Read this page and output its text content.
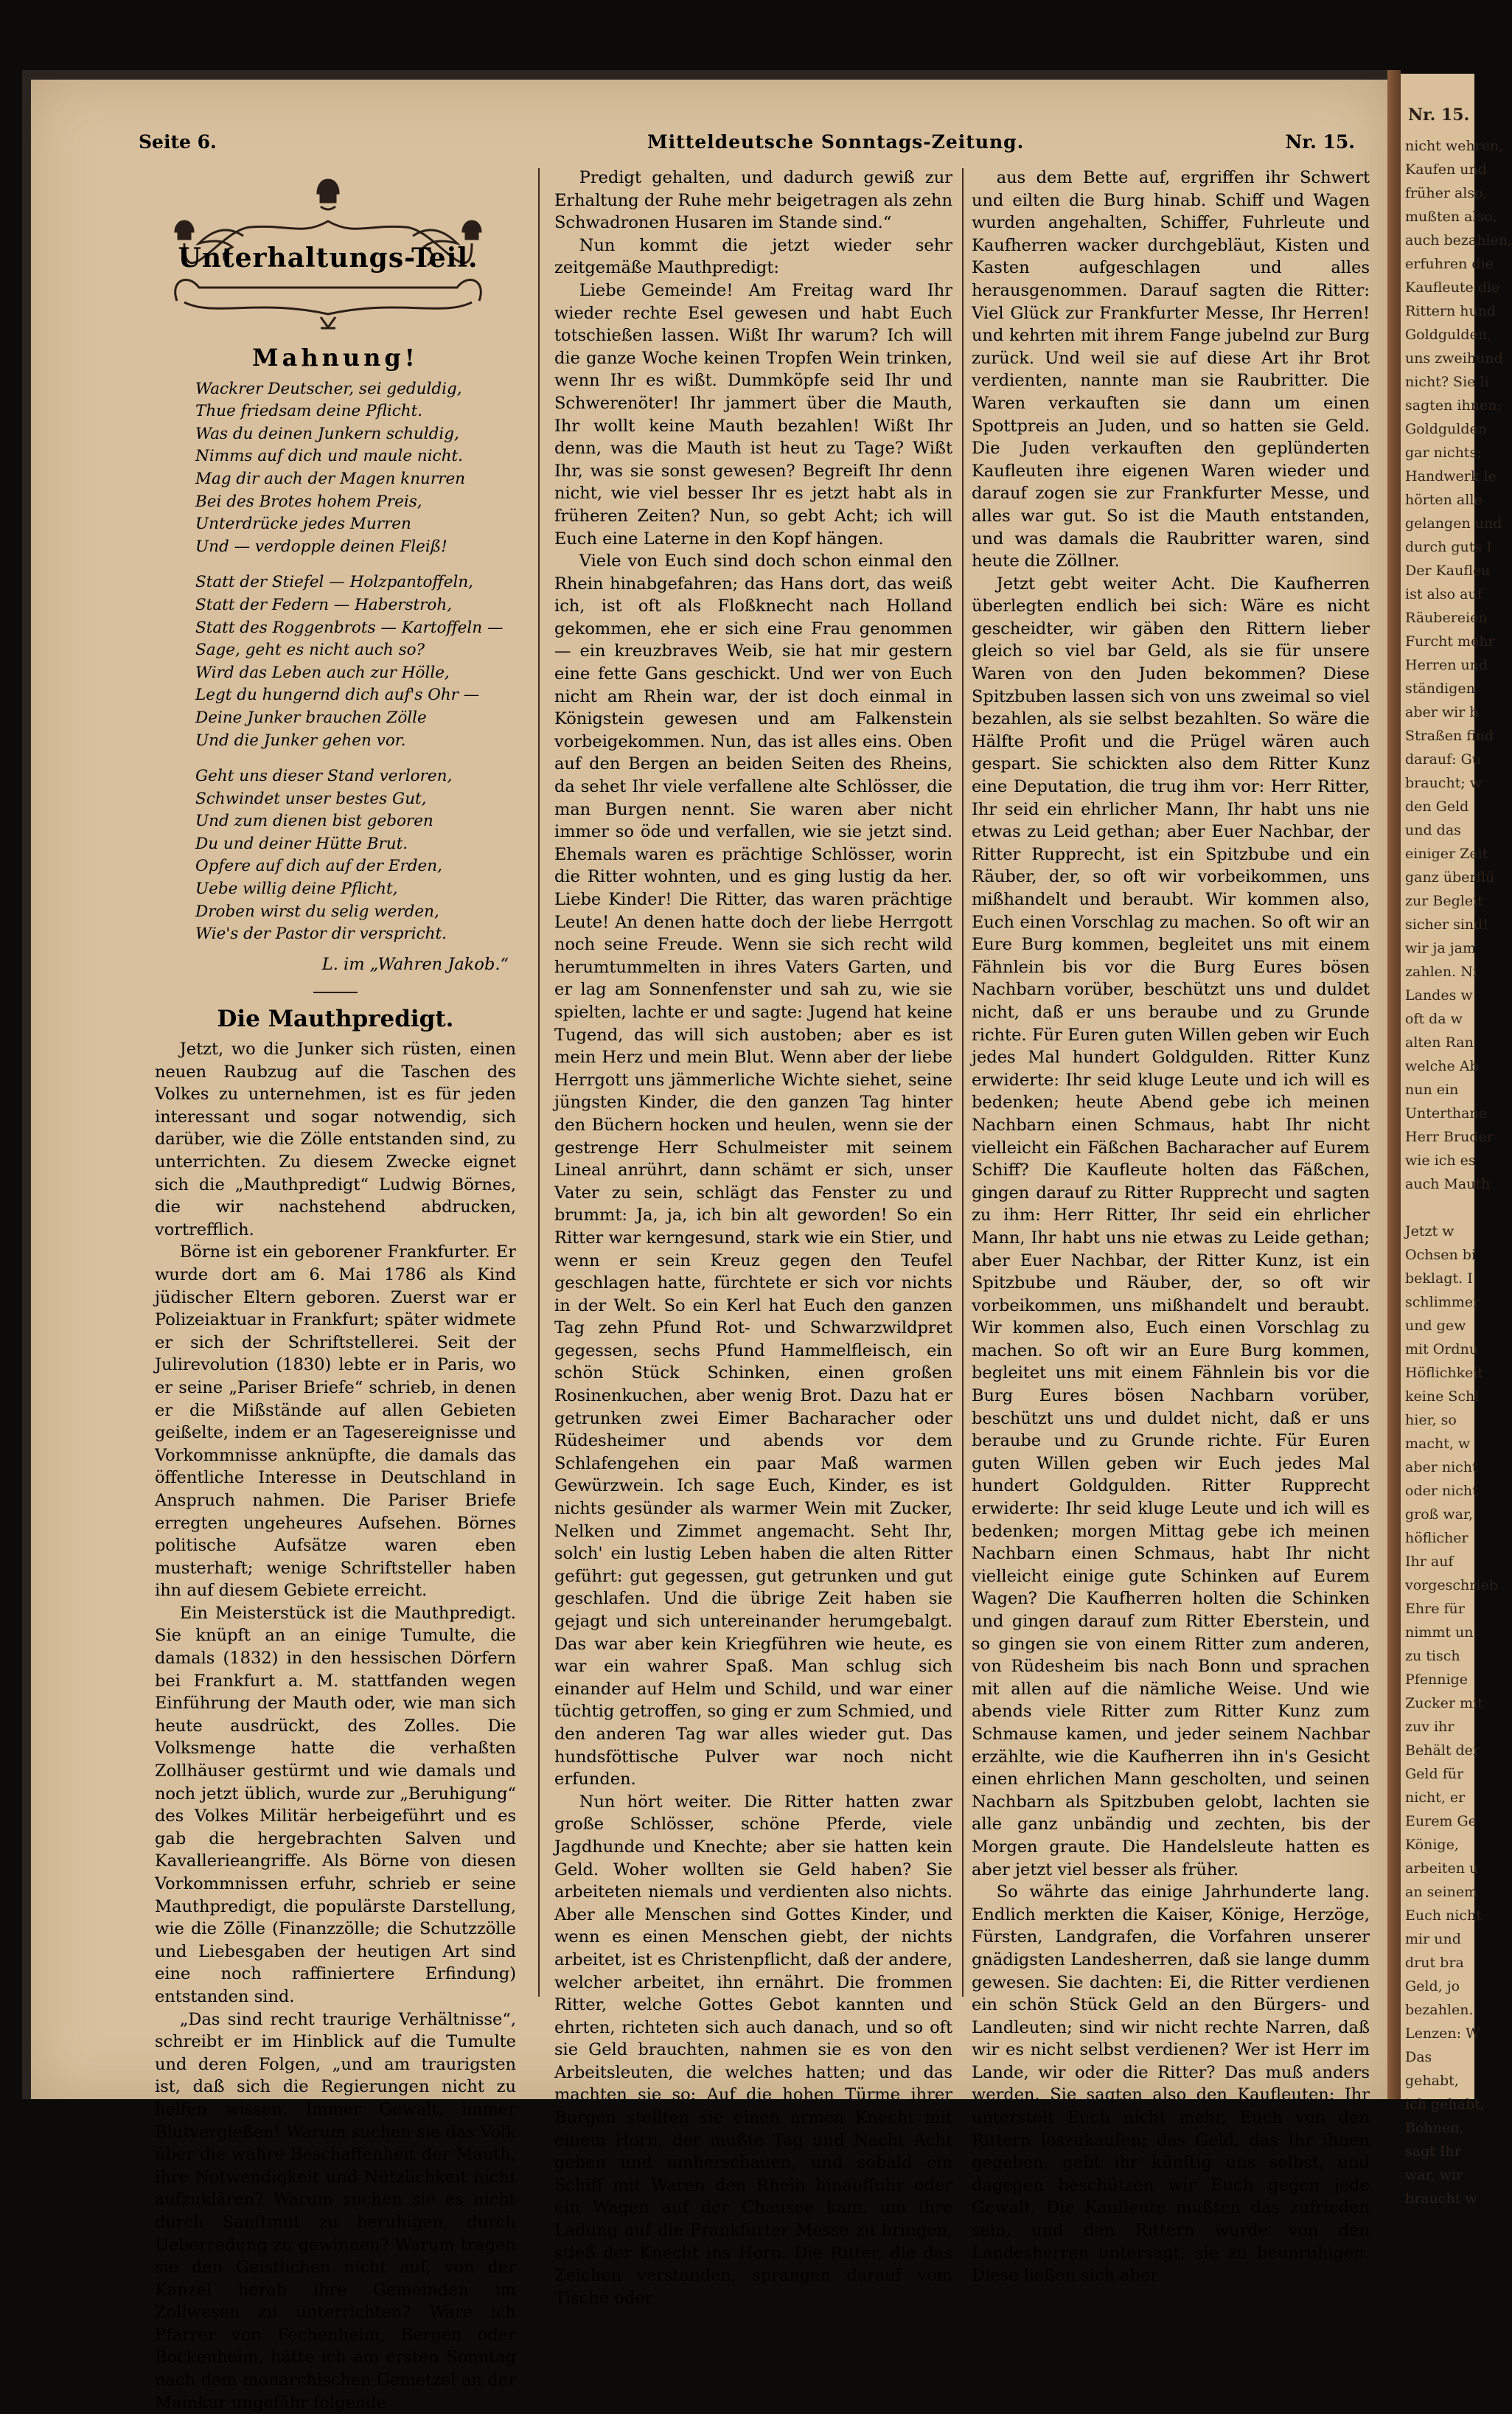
Nr. 15.
nicht wehren,
Kaufen und
früher also,
mußten also,
auch bezahlen,
erfuhren die
Kaufleute die
Rittern hund
Goldgulden,
uns zweihund
nicht? Sie li
sagten ihnen:
Goldgulden
gar nichts;
Handwerk le
hörten alle
gelangen und
durch guts I
Der Kaufleu
ist also auf
Räubereien
Furcht mehr
Herren und
ständigen
aber wir b
Straßen find
darauf: Gu
braucht; w
den Geld
und das
einiger Zeit
ganz überflü
zur Begleit
sicher sind!
wir ja jam
zahlen. Ni
Landes w
oft da w
alten Ran
welche Ab
nun ein
Unterthane
Herr Bruder
wie ich es
auch Mauth

Jetzt w
Ochsen bi
beklagt. I
schlimmer
und gew
mit Ordnu
Höflichkeit
keine Schl
hier, so
macht, w
aber nicht
oder nicht
groß war,
höflicher
Ihr auf
vorgeschrieb
Ehre für
nimmt un
zu tisch
Pfennige
Zucker mit
zuv ihr
Behält der
Geld für
nicht, er
Eurem Ge
Könige,
arbeiten u
an seinem
Euch nicht
mir und
drut bra
Geld, jo
bezahlen.
Lenzen: W
Das
gehabt,
ich gehabt,
Bohnen,
sagt Ihr
war, wir
braucht w
Seite 6.	Mitteldeutsche Sonntags-Zeitung.	Nr. 15.
Unterhaltungs-Teil.
Mahnung!
Wackrer Deutscher, sei geduldig,
Thue friedsam deine Pflicht.
Was du deinen Junkern schuldig,
Nimms auf dich und maule nicht.
Mag dir auch der Magen knurren
Bei des Brotes hohem Preis,
Unterdrücke jedes Murren
Und — verdopple deinen Fleiß!
Statt der Stiefel — Holzpantoffeln,
Statt der Federn — Haberstroh,
Statt des Roggenbrots — Kartoffeln —
Sage, geht es nicht auch so?
Wird das Leben auch zur Hölle,
Legt du hungernd dich auf's Ohr —
Deine Junker brauchen Zölle
Und die Junker gehen vor.
Geht uns dieser Stand verloren,
Schwindet unser bestes Gut,
Und zum dienen bist geboren
Du und deiner Hütte Brut.
Opfere auf dich auf der Erden,
Uebe willig deine Pflicht,
Droben wirst du selig werden,
Wie's der Pastor dir verspricht.
L. im „Wahren Jakob.“
Die Mauthpredigt.

Jetzt, wo die Junker sich rüsten, einen neuen Raubzug auf die Taschen des Volkes zu unternehmen, ist es für jeden interessant und sogar notwendig, sich darüber, wie die Zölle entstanden sind, zu unterrichten. Zu diesem Zwecke eignet sich die „Mauthpredigt“ Ludwig Börnes, die wir nachstehend abdrucken, vortrefflich.

Börne ist ein geborener Frankfurter. Er wurde dort am 6. Mai 1786 als Kind jüdischer Eltern geboren. Zuerst war er Polizeiaktuar in Frankfurt; später widmete er sich der Schriftstellerei. Seit der Julirevolution (1830) lebte er in Paris, wo er seine „Pariser Briefe“ schrieb, in denen er die Mißstände auf allen Gebieten geißelte, indem er an Tagesereignisse und Vorkommnisse anknüpfte, die damals das öffentliche Interesse in Deutschland in Anspruch nahmen. Die Pariser Briefe erregten ungeheures Aufsehen. Börnes politische Aufsätze waren eben musterhaft; wenige Schriftsteller haben ihn auf diesem Gebiete erreicht.

Ein Meisterstück ist die Mauthpredigt. Sie knüpft an an einige Tumulte, die damals (1832) in den hessischen Dörfern bei Frankfurt a. M. stattfanden wegen Einführung der Mauth oder, wie man sich heute ausdrückt, des Zolles. Die Volksmenge hatte die verhaßten Zollhäuser gestürmt und wie damals und noch jetzt üblich, wurde zur „Beruhigung“ des Volkes Militär herbeigeführt und es gab die hergebrachten Salven und Kavallerieangriffe. Als Börne von diesen Vorkommnissen erfuhr, schrieb er seine Mauthpredigt, die populärste Darstellung, wie die Zölle (Finanzzölle; die Schutzzölle und Liebesgaben der heutigen Art sind eine noch raffiniertere Erfindung) entstanden sind.

„Das sind recht traurige Verhältnisse“, schreibt er im Hinblick auf die Tumulte und deren Folgen, „und am traurigsten ist, daß sich die Regierungen nicht zu helfen wissen. Immer Gewalt, immer Blutvergießen! Warum suchen sie das Volk über die wahre Beschaffenheit der Mauth, ihre Notwendigkeit und Nützlichkeit nicht aufzuklären? Warum suchen sie es nicht durch Sanftmut zu beruhigen, durch Ueberredung zu gewinnen? Warum tragen sie den Geistlichen nicht auf, von der Kanzel herab ihre Gemeinden im Zollwesen zu unterrichten? Wäre ich Pfarrer von Fechenheim, Bergen oder Bockenheim, hätte ich am ersten Sonntag nach dem monarchischen Gemetzel an der Mainkur ungefähr folgende

Predigt gehalten, und dadurch gewiß zur Erhaltung der Ruhe mehr beigetragen als zehn Schwadronen Husaren im Stande sind.“

Nun kommt die jetzt wieder sehr zeitgemäße Mauthpredigt:

Liebe Gemeinde! Am Freitag ward Ihr wieder rechte Esel gewesen und habt Euch totschießen lassen. Wißt Ihr warum? Ich will die ganze Woche keinen Tropfen Wein trinken, wenn Ihr es wißt. Dummköpfe seid Ihr und Schwerenöter! Ihr jammert über die Mauth, Ihr wollt keine Mauth bezahlen! Wißt Ihr denn, was die Mauth ist heut zu Tage? Wißt Ihr, was sie sonst gewesen? Begreift Ihr denn nicht, wie viel besser Ihr es jetzt habt als in früheren Zeiten? Nun, so gebt Acht; ich will Euch eine Laterne in den Kopf hängen.

Viele von Euch sind doch schon einmal den Rhein hinabgefahren; das Hans dort, das weiß ich, ist oft als Floßknecht nach Holland gekommen, ehe er sich eine Frau genommen — ein kreuzbraves Weib, sie hat mir gestern eine fette Gans geschickt. Und wer von Euch nicht am Rhein war, der ist doch einmal in Königstein gewesen und am Falkenstein vorbeigekommen. Nun, das ist alles eins. Oben auf den Bergen an beiden Seiten des Rheins, da sehet Ihr viele verfallene alte Schlösser, die man Burgen nennt. Sie waren aber nicht immer so öde und verfallen, wie sie jetzt sind. Ehemals waren es prächtige Schlösser, worin die Ritter wohnten, und es ging lustig da her. Liebe Kinder! Die Ritter, das waren prächtige Leute! An denen hatte doch der liebe Herrgott noch seine Freude. Wenn sie sich recht wild herumtummelten in ihres Vaters Garten, und er lag am Sonnenfenster und sah zu, wie sie spielten, lachte er und sagte: Jugend hat keine Tugend, das will sich austoben; aber es ist mein Herz und mein Blut. Wenn aber der liebe Herrgott uns jämmerliche Wichte siehet, seine jüngsten Kinder, die den ganzen Tag hinter den Büchern hocken und heulen, wenn sie der gestrenge Herr Schulmeister mit seinem Lineal anrührt, dann schämt er sich, unser Vater zu sein, schlägt das Fenster zu und brummt: Ja, ja, ich bin alt geworden! So ein Ritter war kerngesund, stark wie ein Stier, und wenn er sein Kreuz gegen den Teufel geschlagen hatte, fürchtete er sich vor nichts in der Welt. So ein Kerl hat Euch den ganzen Tag zehn Pfund Rot- und Schwarzwildpret gegessen, sechs Pfund Hammelfleisch, ein schön Stück Schinken, einen großen Rosinenkuchen, aber wenig Brot. Dazu hat er getrunken zwei Eimer Bacharacher oder Rüdesheimer und abends vor dem Schlafengehen ein paar Maß warmen Gewürzwein. Ich sage Euch, Kinder, es ist nichts gesünder als warmer Wein mit Zucker, Nelken und Zimmet angemacht. Seht Ihr, solch' ein lustig Leben haben die alten Ritter geführt: gut gegessen, gut getrunken und gut geschlafen. Und die übrige Zeit haben sie gejagt und sich untereinander herumgebalgt. Das war aber kein Kriegführen wie heute, es war ein wahrer Spaß. Man schlug sich einander auf Helm und Schild, und war einer tüchtig getroffen, so ging er zum Schmied, und den anderen Tag war alles wieder gut. Das hundsföttische Pulver war noch nicht erfunden.

Nun hört weiter. Die Ritter hatten zwar große Schlösser, schöne Pferde, viele Jagdhunde und Knechte; aber sie hatten kein Geld. Woher wollten sie Geld haben? Sie arbeiteten niemals und verdienten also nichts. Aber alle Menschen sind Gottes Kinder, und wenn es einen Menschen giebt, der nichts arbeitet, ist es Christenpflicht, daß der andere, welcher arbeitet, ihn ernährt. Die frommen Ritter, welche Gottes Gebot kannten und ehrten, richteten sich auch danach, und so oft sie Geld brauchten, nahmen sie es von den Arbeitsleuten, die welches hatten; und das machten sie so: Auf die hohen Türme ihrer Burgen stellten sie einen armen Knecht mit einem Horn, der mußte Tag und Nacht Acht geben und umherschauen, und sobald ein Schiff mit Waren den Rhein hinauffuhr oder ein Wagen auf der Chausee kam, um ihre Ladung auf die Frankfurter Messe zu bringen, stieß der Knecht ins Horn. Die Ritter, die das Zeichen verstanden, sprangen darauf vom Tische oder

aus dem Bette auf, ergriffen ihr Schwert und eilten die Burg hinab. Schiff und Wagen wurden angehalten, Schiffer, Fuhrleute und Kaufherren wacker durchgebläut, Kisten und Kasten aufgeschlagen und alles herausgenommen. Darauf sagten die Ritter: Viel Glück zur Frankfurter Messe, Ihr Herren! und kehrten mit ihrem Fange jubelnd zur Burg zurück. Und weil sie auf diese Art ihr Brot verdienten, nannte man sie Raubritter. Die Waren verkauften sie dann um einen Spottpreis an Juden, und so hatten sie Geld. Die Juden verkauften den geplünderten Kaufleuten ihre eigenen Waren wieder und darauf zogen sie zur Frankfurter Messe, und alles war gut. So ist die Mauth entstanden, und was damals die Raubritter waren, sind heute die Zöllner.

Jetzt gebt weiter Acht. Die Kaufherren überlegten endlich bei sich: Wäre es nicht gescheidter, wir gäben den Rittern lieber gleich so viel bar Geld, als sie für unsere Waren von den Juden bekommen? Diese Spitzbuben lassen sich von uns zweimal so viel bezahlen, als sie selbst bezahlten. So wäre die Hälfte Profit und die Prügel wären auch gespart. Sie schickten also dem Ritter Kunz eine Deputation, die trug ihm vor: Herr Ritter, Ihr seid ein ehrlicher Mann, Ihr habt uns nie etwas zu Leid gethan; aber Euer Nachbar, der Ritter Rupprecht, ist ein Spitzbube und ein Räuber, der, so oft wir vorbeikommen, uns mißhandelt und beraubt. Wir kommen also, Euch einen Vorschlag zu machen. So oft wir an Eure Burg kommen, begleitet uns mit einem Fähnlein bis vor die Burg Eures bösen Nachbarn vorüber, beschützt uns und duldet nicht, daß er uns beraube und zu Grunde richte. Für Euren guten Willen geben wir Euch jedes Mal hundert Goldgulden. Ritter Kunz erwiderte: Ihr seid kluge Leute und ich will es bedenken; heute Abend gebe ich meinen Nachbarn einen Schmaus, habt Ihr nicht vielleicht ein Fäßchen Bacharacher auf Eurem Schiff? Die Kaufleute holten das Fäßchen, gingen darauf zu Ritter Rupprecht und sagten zu ihm: Herr Ritter, Ihr seid ein ehrlicher Mann, Ihr habt uns nie etwas zu Leide gethan; aber Euer Nachbar, der Ritter Kunz, ist ein Spitzbube und Räuber, der, so oft wir vorbeikommen, uns mißhandelt und beraubt. Wir kommen also, Euch einen Vorschlag zu machen. So oft wir an Eure Burg kommen, begleitet uns mit einem Fähnlein bis vor die Burg Eures bösen Nachbarn vorüber, beschützt uns und duldet nicht, daß er uns beraube und zu Grunde richte. Für Euren guten Willen geben wir Euch jedes Mal hundert Goldgulden. Ritter Rupprecht erwiderte: Ihr seid kluge Leute und ich will es bedenken; morgen Mittag gebe ich meinen Nachbarn einen Schmaus, habt Ihr nicht vielleicht einige gute Schinken auf Eurem Wagen? Die Kaufherren holten die Schinken und gingen darauf zum Ritter Eberstein, und so gingen sie von einem Ritter zum anderen, von Rüdesheim bis nach Bonn und sprachen mit allen auf die nämliche Weise. Und wie abends viele Ritter zum Ritter Kunz zum Schmause kamen, und jeder seinem Nachbar erzählte, wie die Kaufherren ihn in's Gesicht einen ehrlichen Mann gescholten, und seinen Nachbarn als Spitzbuben gelobt, lachten sie alle ganz unbändig und zechten, bis der Morgen graute. Die Handelsleute hatten es aber jetzt viel besser als früher.

So währte das einige Jahrhunderte lang. Endlich merkten die Kaiser, Könige, Herzöge, Fürsten, Landgrafen, die Vorfahren unserer gnädigsten Landesherren, daß sie lange dumm gewesen. Sie dachten: Ei, die Ritter verdienen ein schön Stück Geld an den Bürgers- und Landleuten; sind wir nicht rechte Narren, daß wir es nicht selbst verdienen? Wer ist Herr im Lande, wir oder die Ritter? Das muß anders werden. Sie sagten also den Kaufleuten: Ihr unterstelt Euch nicht mehr, Euch von den Rittern loszukaufen; das Geld, das Ihr ihnen gegeben, gebt ihr künftig uns selbst, und dagegen beschützen wir Euch gegen jede Gewalt. Die Kaufleute mußten das zufrieden sein, und den Rittern wurde von den Landesherren untersagt, sie zu beunruhigen. Diese ließen sich aber
